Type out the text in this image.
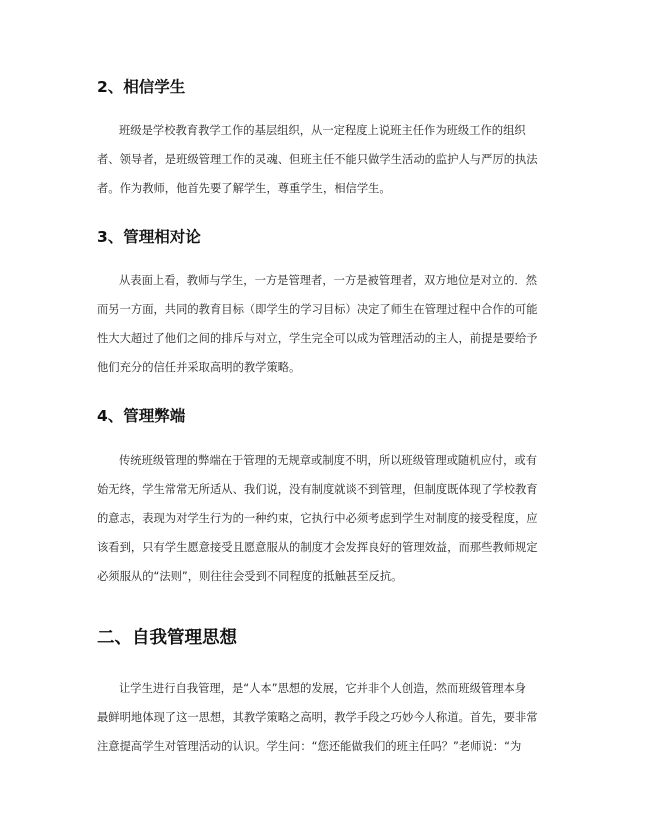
2、相信学生
班级是学校教育教学工作的基层组织，从一定程度上说班主任作为班级工作的组织
者、领导者，是班级管理工作的灵魂、但班主任不能只做学生活动的监护人与严厉的执法
者。作为教师，他首先要了解学生，尊重学生，相信学生。
3、管理相对论
从表面上看，教师与学生，一方是管理者，一方是被管理者，双方地位是对立的．然
而另一方面，共同的教育目标（即学生的学习目标）决定了师生在管理过程中合作的可能
性大大超过了他们之间的排斥与对立，学生完全可以成为管理活动的主人，前提是要给予
他们充分的信任并采取高明的教学策略。
4、管理弊端
传统班级管理的弊端在于管理的无规章或制度不明，所以班级管理或随机应付，或有
始无终，学生常常无所适从、我们说，没有制度就谈不到管理，但制度既体现了学校教育
的意志，表现为对学生行为的一种约束，它执行中必须考虑到学生对制度的接受程度，应
该看到，只有学生愿意接受且愿意服从的制度才会发挥良好的管理效益，而那些教师规定
必须服从的“法则”，则往往会受到不同程度的抵触甚至反抗。
二、自我管理思想
让学生进行自我管理，是“人本”思想的发展，它并非个人创造，然而班级管理本身
最鲜明地体现了这一思想，其教学策略之高明，教学手段之巧妙今人称道。首先，要非常
注意提高学生对管理活动的认识。学生问：“您还能做我们的班主任吗？”老师说：“为
